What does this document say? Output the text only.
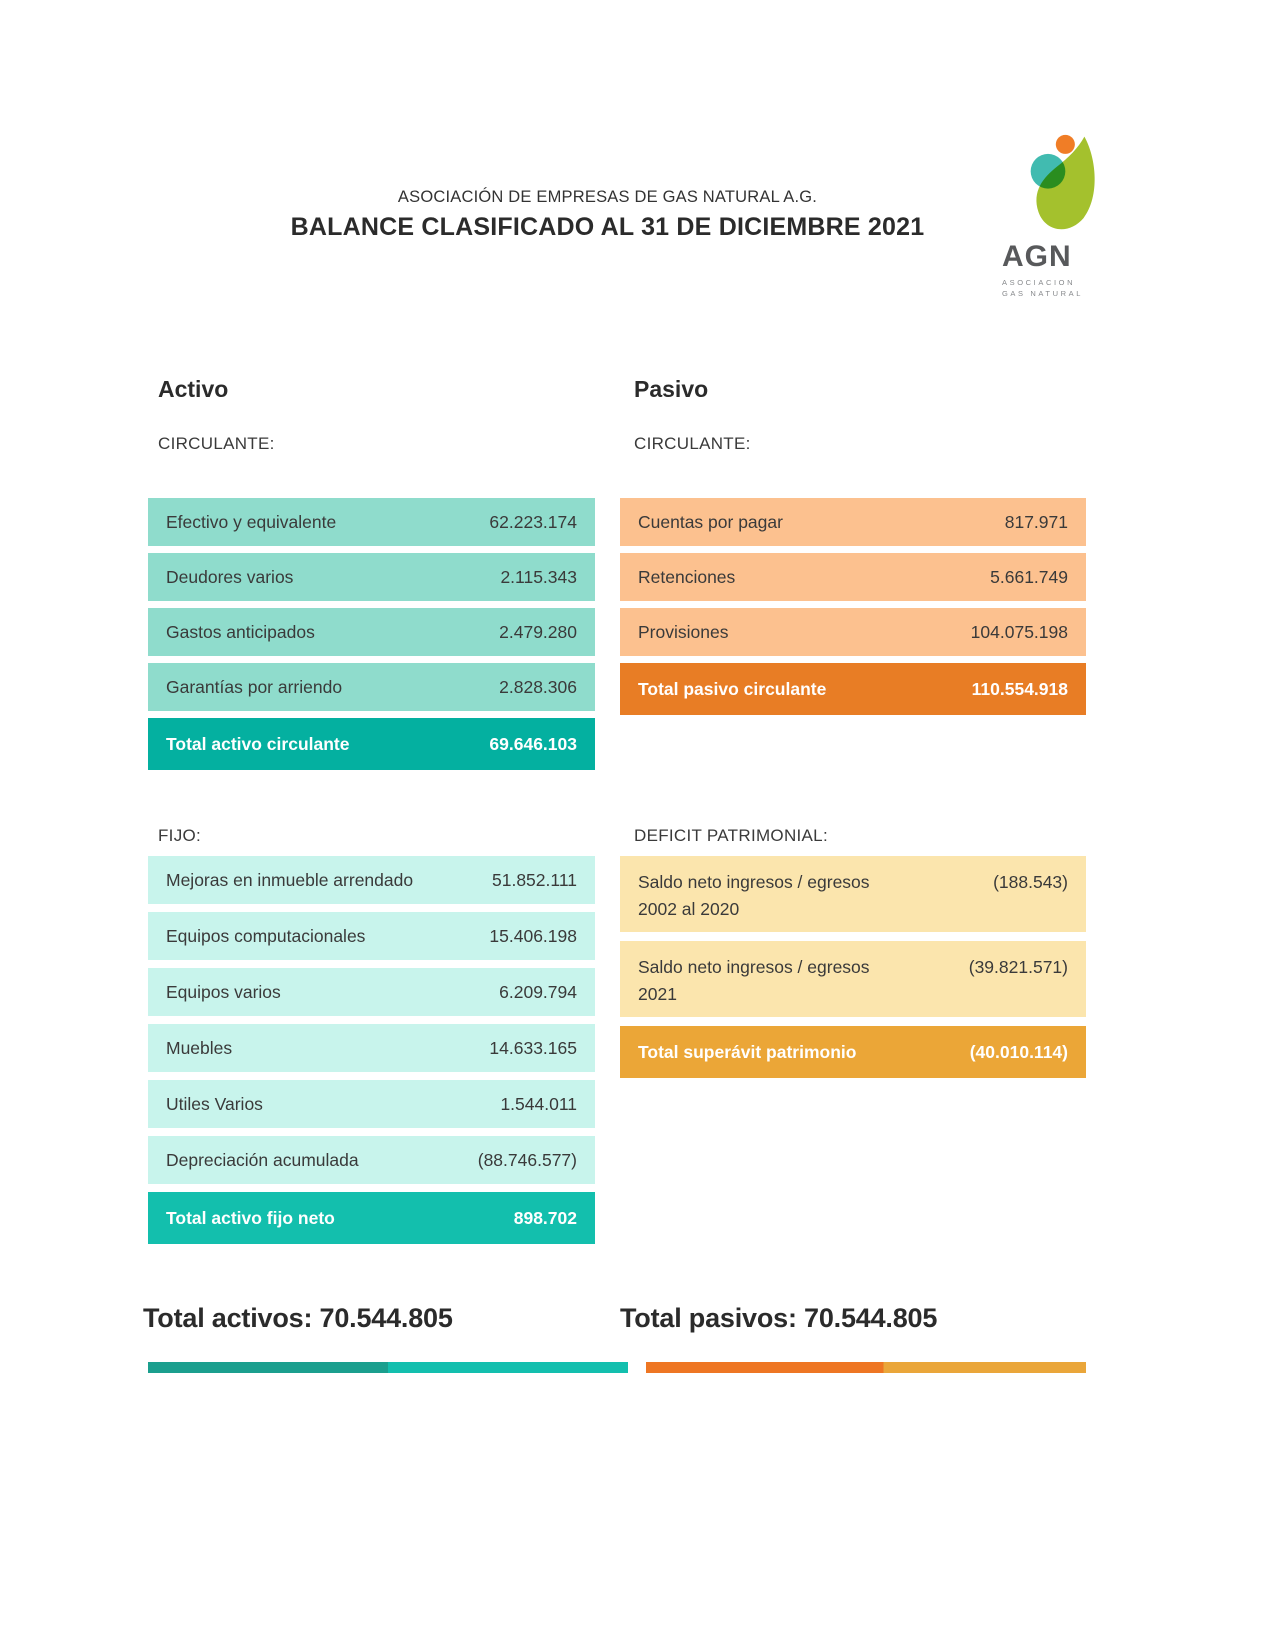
ASOCIACIÓN DE EMPRESAS DE GAS NATURAL A.G.
BALANCE CLASIFICADO AL 31 DE DICIEMBRE 2021
AGN
ASOCIACION
GAS NATURAL
Activo
CIRCULANTE:
Efectivo y equivalente	62.223.174
Deudores varios	2.115.343
Gastos anticipados	2.479.280
Garantías por arriendo	2.828.306
Total activo circulante	69.646.103
FIJO:
Mejoras en inmueble arrendado	51.852.111
Equipos computacionales	15.406.198
Equipos varios	6.209.794
Muebles	14.633.165
Utiles Varios	1.544.011
Depreciación acumulada	(88.746.577)
Total activo fijo neto	898.702
Pasivo
CIRCULANTE:
Cuentas por pagar	817.971
Retenciones	5.661.749
Provisiones	104.075.198
Total pasivo circulante	110.554.918
DEFICIT PATRIMONIAL:
Saldo neto ingresos / egresos
2002 al 2020
(188.543)
Saldo neto ingresos / egresos
2021
(39.821.571)
Total superávit patrimonio	(40.010.114)
Total activos: 70.544.805	Total pasivos: 70.544.805
